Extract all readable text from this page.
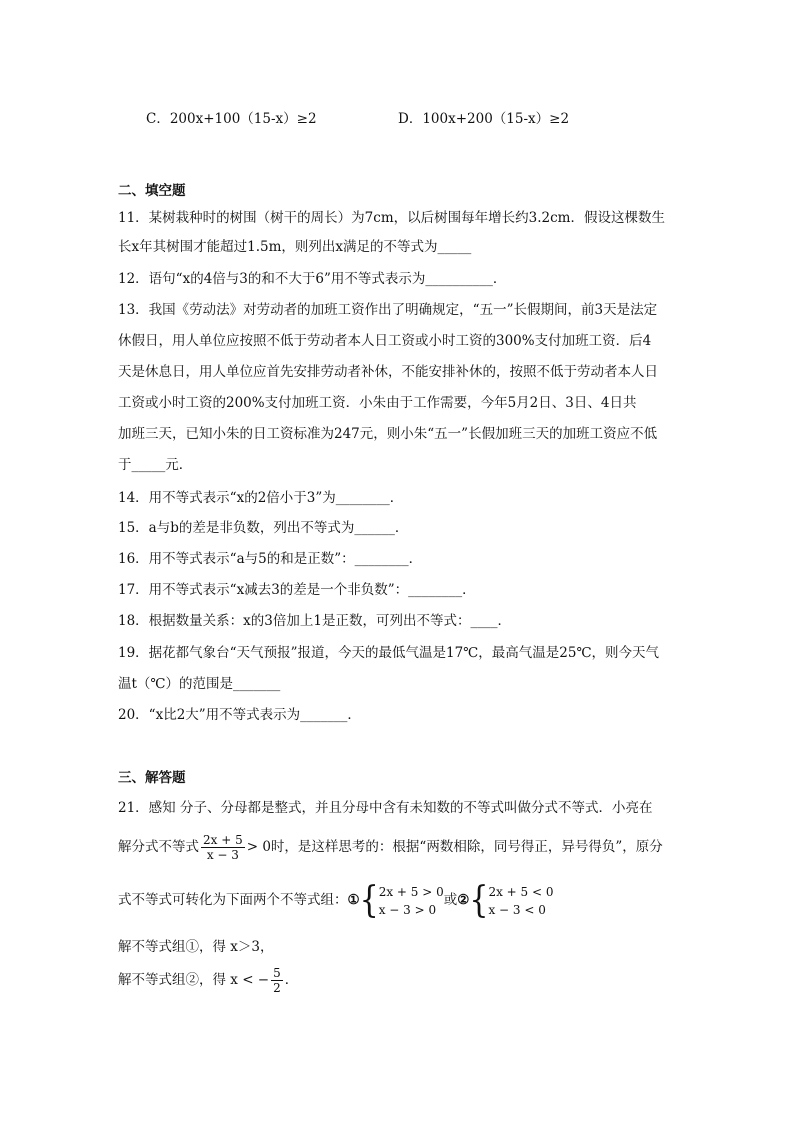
C．200x+100（15-x）≥2	D．100x+200（15-x）≥2
二、填空题
11．某树栽种时的树围（树干的周长）为7cm，以后树围每年增长约3.2cm．假设这棵数生
长x年其树围才能超过1.5m，则列出x满足的不等式为_____
12．语句“x的4倍与3的和不大于6”用不等式表示为__________．
13．我国《劳动法》对劳动者的加班工资作出了明确规定，“五一”长假期间，前3天是法定
休假日，用人单位应按照不低于劳动者本人日工资或小时工资的300%支付加班工资．后4
天是休息日，用人单位应首先安排劳动者补休，不能安排补休的，按照不低于劳动者本人日
工资或小时工资的200%支付加班工资．小朱由于工作需要，今年5月2日、3日、4日共
加班三天，已知小朱的日工资标准为247元，则小朱“五一”长假加班三天的加班工资应不低
于_____元．
14．用不等式表示“x的2倍小于3”为________．
15．a与b的差是非负数，列出不等式为______．
16．用不等式表示“a与5的和是正数”：________．
17．用不等式表示“x减去3的差是一个非负数”：________．
18．根据数量关系：x的3倍加上1是正数，可列出不等式：____．
19．据花都气象台“天气预报”报道，今天的最低气温是17℃，最高气温是25℃，则今天气
温t（℃）的范围是_______
20．“x比2大”用不等式表示为_______．
三、解答题
21．感知 分子、分母都是整式，并且分母中含有未知数的不等式叫做分式不等式．小亮在
解分式不等式 $\frac{2x + 5}{x - 3} > 0$时，是这样思考的：根据“两数相除，同号得正，异号得负”，原分
式不等式可转化为下面两个不等式组：①{ 2x + 5 > 0
x − 3 > 0
或②{ 2x + 5 < 0
x − 3 < 0
解不等式组①，得 x＞3，
解不等式组②，得 x < − $\frac{5}{2}$ ．
